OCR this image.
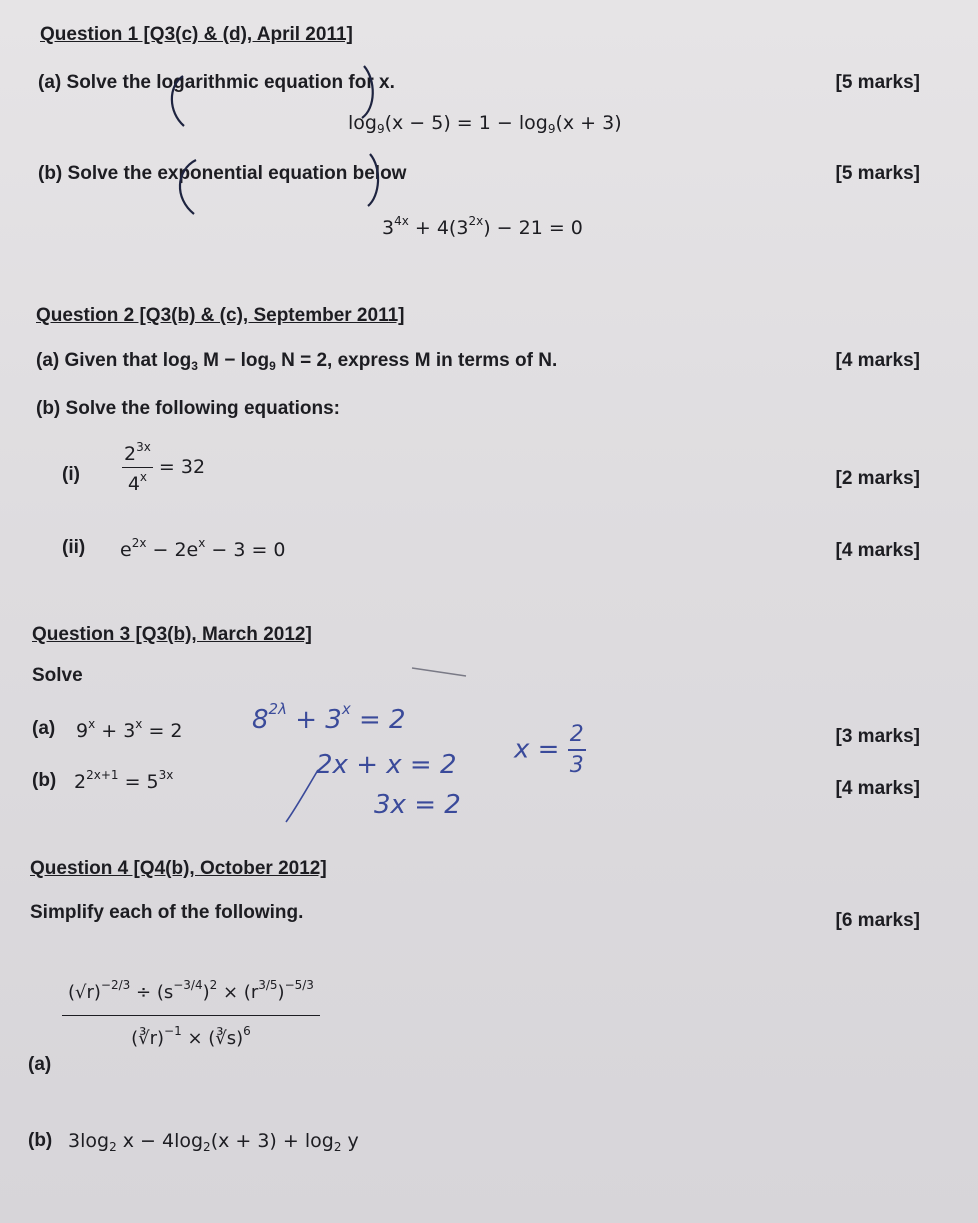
Question 1 [Q3(c) & (d), April 2011]
(a) Solve the logarithmic equation for x.	[5 marks]
$\log_9(x - 5) = 1 - \log_9(x + 3)$
(b) Solve the exponential equation below	[5 marks]
$3^{4x} + 4(3^{2x}) - 21 = 0$
Question 2 [Q3(b) & (c), September 2011]
(a) Given that $\log_3 M - \log_9 N = 2$, express M in terms of N.	[4 marks]
(b) Solve the following equations:
$(i) \frac{2^{3x}}{4^x} = 32$
[2 marks]
(ii) $e^{2x} - 2e^x - 3 = 0$	[4 marks]
Question 3 [Q3(b), March 2012]
Solve
(a) $9^x + 3^x = 2$	[3 marks]
(b) $2^{2x+1} = 5^{3x}$
[4 marks]
$8^{2\lambda} + 3^x = 2$
2x + x = 2
3x = 2
$x = \frac{2}{3}$
Question 4 [Q4(b), October 2012]
Simplify each of the following.	[6 marks]
(a)
$\frac{(√r)^{-2/3} \div (s^{-3/4})^2 \times (r^{3/5})^{-5/3}}{(∛r)^{-1} \times (∛s)^6}$
(b) $3\log_2$ $x - 4\log_2(x + 3) + \log_2 y$
